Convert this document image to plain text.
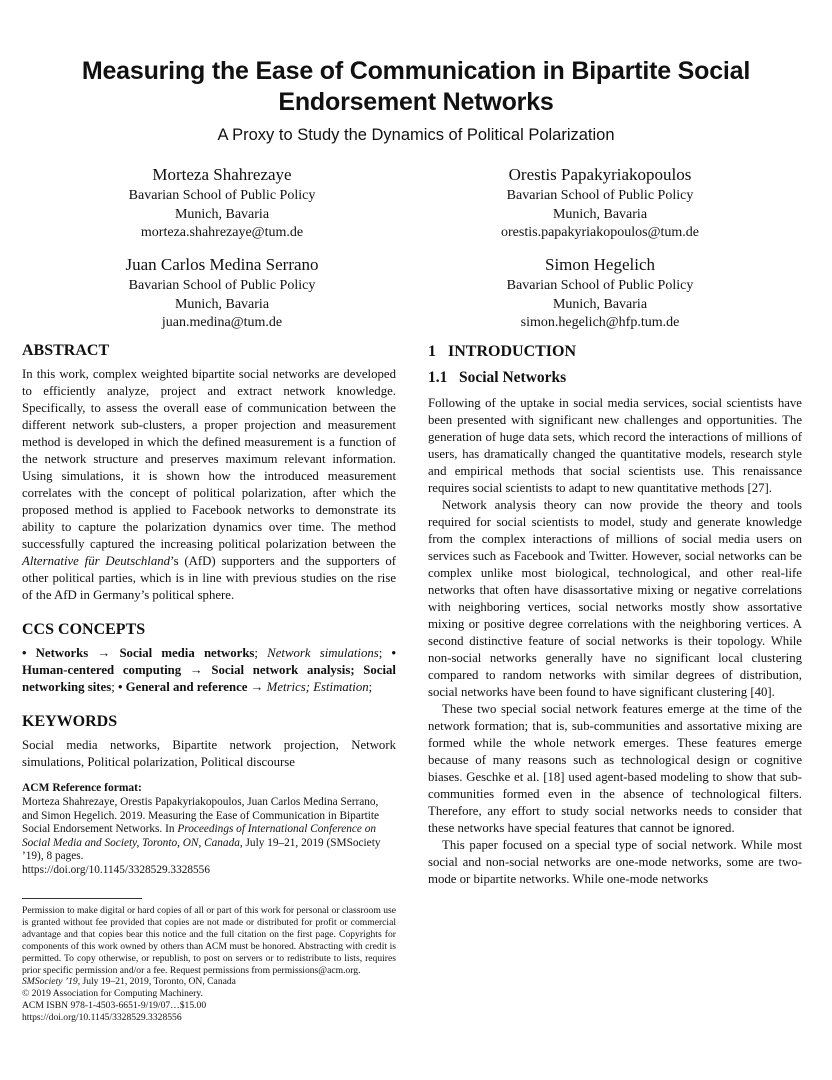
Measuring the Ease of Communication in Bipartite Social Endorsement Networks
A Proxy to Study the Dynamics of Political Polarization
Morteza Shahrezaye
Bavarian School of Public Policy
Munich, Bavaria
morteza.shahrezaye@tum.de
Orestis Papakyriakopoulos
Bavarian School of Public Policy
Munich, Bavaria
orestis.papakyriakopoulos@tum.de
Juan Carlos Medina Serrano
Bavarian School of Public Policy
Munich, Bavaria
juan.medina@tum.de
Simon Hegelich
Bavarian School of Public Policy
Munich, Bavaria
simon.hegelich@hfp.tum.de
ABSTRACT

In this work, complex weighted bipartite social networks are developed to efficiently analyze, project and extract network knowledge. Specifically, to assess the overall ease of communication between the different network sub-clusters, a proper projection and measurement method is developed in which the defined measurement is a function of the network structure and preserves maximum relevant information. Using simulations, it is shown how the introduced measurement correlates with the concept of political polarization, after which the proposed method is applied to Facebook networks to demonstrate its ability to capture the polarization dynamics over time. The method successfully captured the increasing political polarization between the Alternative für Deutschland’s (AfD) supporters and the supporters of other political parties, which is in line with previous studies on the rise of the AfD in Germany’s political sphere.

CCS CONCEPTS

• Networks → Social media networks; Network simulations; • Human-centered computing → Social network analysis; Social networking sites; • General and reference → Metrics; Estimation;

KEYWORDS

Social media networks, Bipartite network projection, Network simulations, Political polarization, Political discourse

ACM Reference format:
Morteza Shahrezaye, Orestis Papakyriakopoulos, Juan Carlos Medina Serrano, and Simon Hegelich. 2019. Measuring the Ease of Communication in Bipartite Social Endorsement Networks. In Proceedings of International Conference on Social Media and Society, Toronto, ON, Canada, July 19–21, 2019 (SMSociety ’19), 8 pages.
https://doi.org/10.1145/3328529.3328556

Permission to make digital or hard copies of all or part of this work for personal or classroom use is granted without fee provided that copies are not made or distributed for profit or commercial advantage and that copies bear this notice and the full citation on the first page. Copyrights for components of this work owned by others than ACM must be honored. Abstracting with credit is permitted. To copy otherwise, or republish, to post on servers or to redistribute to lists, requires prior specific permission and/or a fee. Request permissions from permissions@acm.org.

SMSociety ’19, July 19–21, 2019, Toronto, ON, Canada
© 2019 Association for Computing Machinery.
ACM ISBN 978-1-4503-6651-9/19/07…$15.00
https://doi.org/10.1145/3328529.3328556
1   INTRODUCTION
1.1   Social Networks

Following of the uptake in social media services, social scientists have been presented with significant new challenges and opportunities. The generation of huge data sets, which record the interactions of millions of users, has dramatically changed the quantitative models, research style and empirical methods that social scientists use. This renaissance requires social scientists to adapt to new quantitative methods [27].

Network analysis theory can now provide the theory and tools required for social scientists to model, study and generate knowledge from the complex interactions of millions of social media users on services such as Facebook and Twitter. However, social networks can be complex unlike most biological, technological, and other real-life networks that often have disassortative mixing or negative correlations with neighboring vertices, social networks mostly show assortative mixing or positive degree correlations with the neighboring vertices. A second distinctive feature of social networks is their topology. While non-social networks generally have no significant local clustering compared to random networks with similar degrees of distribution, social networks have been found to have significant clustering [40].

These two special social network features emerge at the time of the network formation; that is, sub-communities and assortative mixing are formed while the whole network emerges. These features emerge because of many reasons such as technological design or cognitive biases. Geschke et al. [18] used agent-based modeling to show that sub-communities formed even in the absence of technological filters. Therefore, any effort to study social networks needs to consider that these networks have special features that cannot be ignored.

This paper focused on a special type of social network. While most social and non-social networks are one-mode networks, some are two-mode or bipartite networks. While one-mode networks
